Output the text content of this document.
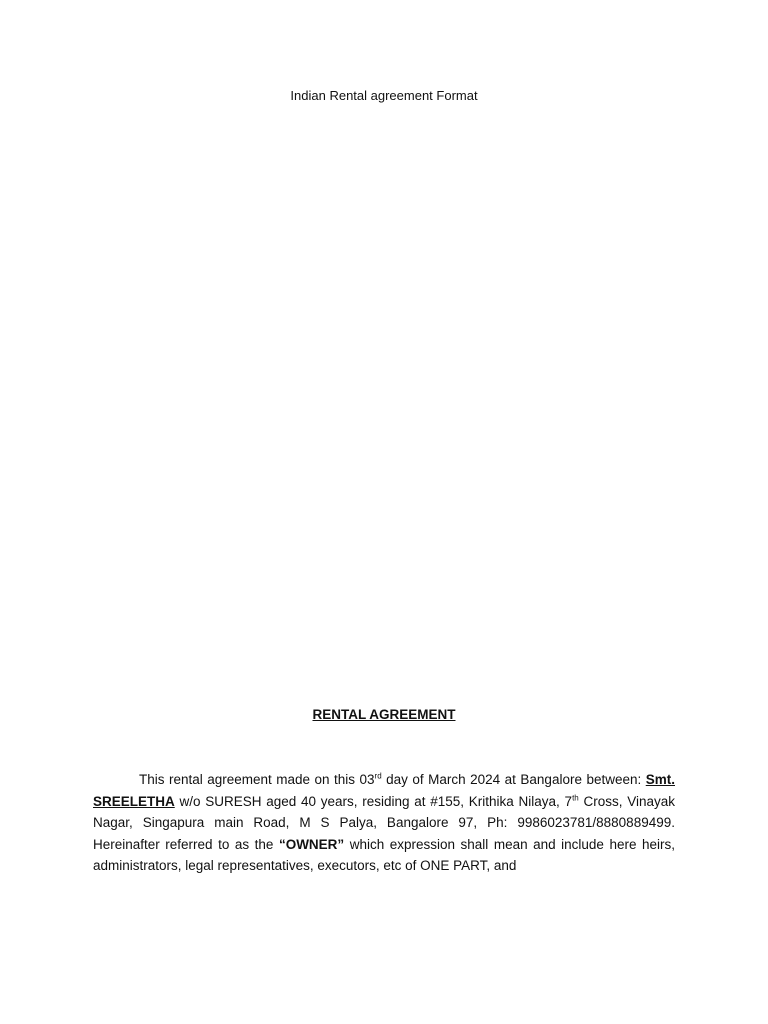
Indian Rental agreement Format
RENTAL AGREEMENT

This rental agreement made on this 03rd day of March 2024 at Bangalore between: Smt. SREELETHA w/o SURESH aged 40 years, residing at #155, Krithika Nilaya, 7th Cross, Vinayak Nagar, Singapura main Road, M S Palya, Bangalore 97, Ph: 9986023781/8880889499. Hereinafter referred to as the “OWNER” which expression shall mean and include here heirs, administrators, legal representatives, executors, etc of ONE PART, and
